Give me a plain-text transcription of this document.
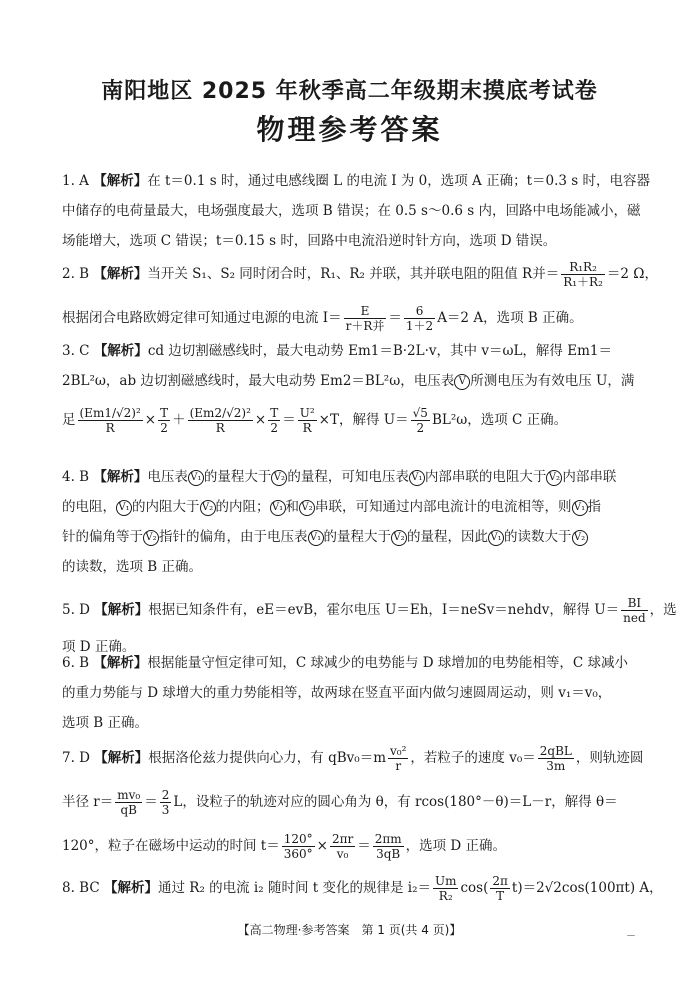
南阳地区 2025 年秋季高二年级期末摸底考试卷
物理参考答案
1. A 【解析】在 t＝0.1 s 时，通过电感线圈 L 的电流 I 为 0，选项 A 正确；t＝0.3 s 时，电容器
中储存的电荷量最大，电场强度最大，选项 B 错误；在 0.5 s～0.6 s 内，回路中电场能减小，磁
场能增大，选项 C 错误；t＝0.15 s 时，回路中电流沿逆时针方向，选项 D 错误。
2. B 【解析】当开关 S₁、S₂ 同时闭合时，R₁、R₂ 并联，其并联电阻的阻值 R并＝ $\frac{\text{R₁R₂}}{\text{R₁＋R₂}} =2$ Ω，
根据闭合电路欧姆定律可知通过电源的电流 $I= \frac{E}{\text{r＋R并}} = \frac{6}{1+2} A=2$ A，选项 B 正确。
3. C 【解析】cd 边切割磁感线时，最大电动势 Em1＝B·2L·v，其中 v＝ωL，解得 Em1＝
2BL²ω，ab 边切割磁感线时，最大电动势 Em2＝BL²ω，电压表 V 所测电压为有效电压 U，满
足 $\frac{\text{(Em1/√2)²}}{R} \times \frac{T}{2} + \frac{\text{(Em2/√2)²}}{R} \times \frac{T}{2} = \frac{\text{U²}}{R} \times T$，解得 $U= \frac{√5}{2} BL^2\omega$，选项 C 正确。
4. B 【解析】电压表 V₁ 的量程大于 V₂ 的量程，可知电压表 V₁ 内部串联的电阻大于 V₂ 内部串联
的电阻， V₁ 的内阻大于 V₂ 的内阻； V₁ 和 V₂ 串联，可知通过内部电流计的电流相等，则 V₁ 指
针的偏角等于 V₂ 指针的偏角，由于电压表 V₁ 的量程大于 V₂ 的量程，因此 V₁ 的读数大于 V₂
的读数，选项 B 正确。
5. D 【解析】根据已知条件有，eE＝evB，霍尔电压 U＝Eh，I＝neSv＝nehdv，解得 $U= \frac{BI}{\text{ned}}$ ，选
项 D 正确。
6. B 【解析】根据能量守恒定律可知，C 球减少的电势能与 D 球增加的电势能相等，C 球减小
的重力势能与 D 球增大的重力势能相等，故两球在竖直平面内做匀速圆周运动，则 v₁＝v₀，
选项 B 正确。
7. D 【解析】根据洛伦兹力提供向心力，有 $qBv_0=m \frac{\text{v₀²}}{r}$ ，若粒子的速度 $v_0= \frac{\text{2qBL}}{3m}$ ，则轨迹圆
半径 $r= \frac{\text{mv₀}}{qB} = \frac{2}{3}$ L，设粒子的轨迹对应的圆心角为 θ，有 rcos(180°－θ)＝L－r，解得 θ＝
120°，粒子在磁场中运动的时间 $t= \frac{120^\circ}{360^\circ} \times \frac{2\pi r}{\text{v₀}} = \frac{2\pi m}{3qB}$ ，选项 D 正确。
8. BC 【解析】通过 R₂ 的电流 i₂ 随时间 t 变化的规律是 $i_2= \frac{Um}{\text{R₂}} \cos( \frac{2\pi}{T} t)=2√2\cos(100\pi t)$ A，
【高二物理·参考答案　第 1 页(共 4 页)】	－
